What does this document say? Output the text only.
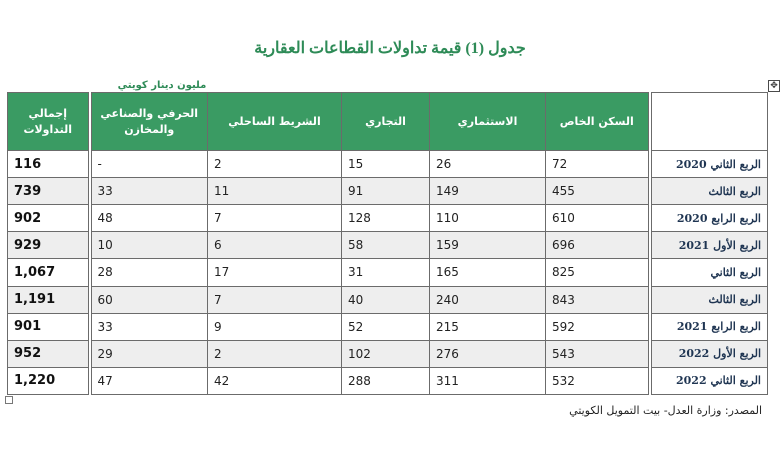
جدول (1) قيمة تداولات القطاعات العقارية
مليون دينار كويتي	✥
	السكن الخاص	الاستثماري	التجاري	الشريط الساحلي	الحرفي والصناعي والمخازن	إجمالي التداولات
الربع الثاني 2020	72	26	15	2	-	116
الربع الثالث	455	149	91	11	33	739
الربع الرابع 2020	610	110	128	7	48	902
الربع الأول 2021	696	159	58	6	10	929
الربع الثاني	825	165	31	17	28	1,067
الربع الثالث	843	240	40	7	60	1,191
الربع الرابع 2021	592	215	52	9	33	901
الربع الأول 2022	543	276	102	2	29	952
الربع الثاني 2022	532	311	288	42	47	1,220
المصدر: وزارة العدل- بيت التمويل الكويتي
